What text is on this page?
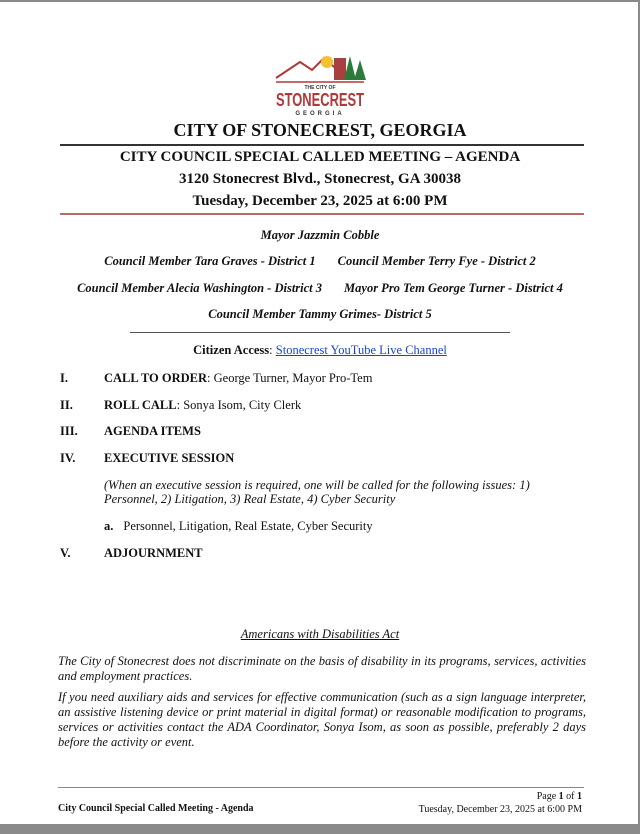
THE CITY OF
STONECREST
GEORGIA
CITY OF STONECREST, GEORGIA
CITY COUNCIL SPECIAL CALLED MEETING – AGENDA
3120 Stonecrest Blvd., Stonecrest, GA 30038
Tuesday, December 23, 2025 at 6:00 PM
Mayor Jazzmin Cobble
Council Member Tara Graves - District 1 Council Member Terry Fye - District 2
Council Member Alecia Washington - District 3 Mayor Pro Tem George Turner - District 4
Council Member Tammy Grimes- District 5
Citizen Access: Stonecrest YouTube Live Channel
I.	CALL TO ORDER: George Turner, Mayor Pro-Tem
II. ROLL CALL: Sonya Isom, City Clerk
III. AGENDA ITEMS
IV. EXECUTIVE SESSION
(When an executive session is required, one will be called for the following issues: 1) Personnel, 2) Litigation, 3) Real Estate, 4) Cyber Security
a. Personnel, Litigation, Real Estate, Cyber Security
V.	ADJOURNMENT
Americans with Disabilities Act
The City of Stonecrest does not discriminate on the basis of disability in its programs, services, activities and employment practices.
If you need auxiliary aids and services for effective communication (such as a sign language interpreter, an assistive listening device or print material in digital format) or reasonable modification to programs, services or activities contact the ADA Coordinator, Sonya Isom, as soon as possible, preferably 2 days before the activity or event.
City Council Special Called Meeting - Agenda
Page 1 of 1
Tuesday, December 23, 2025 at 6:00 PM
